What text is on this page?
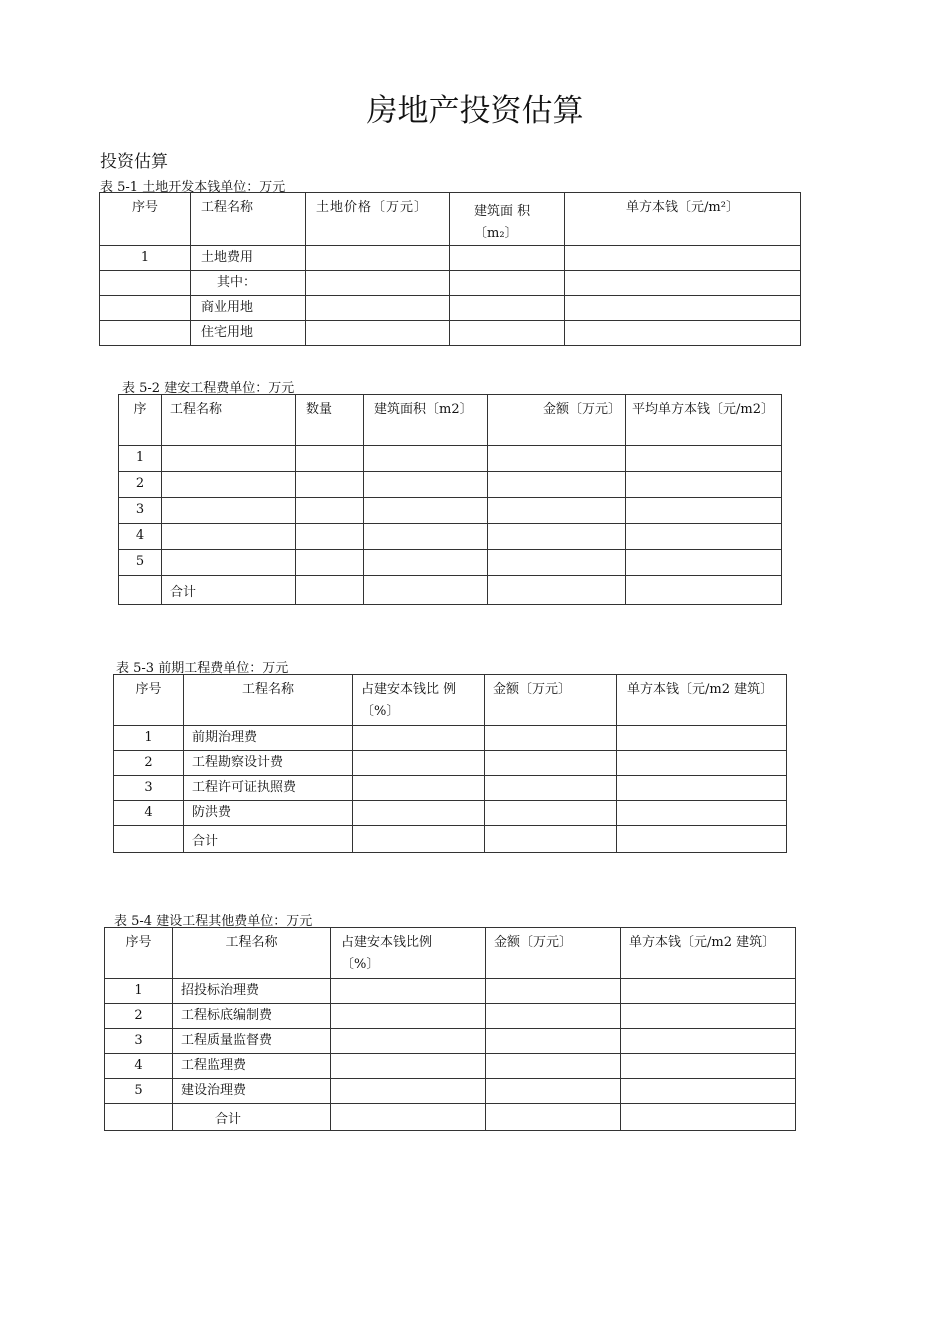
房地产投资估算
投资估算
表 5-1 土地开发本钱单位：万元
序号	工程名称	土地价格〔万元〕	建筑面 积〔m₂〕	单方本钱〔元/m²〕
1	土地费用			
	其中：			
	商业用地			
	住宅用地			
表 5-2 建安工程费单位：万元
序	工程名称	数量	建筑面积〔m2〕	金额〔万元〕	平均单方本钱〔元/m2〕
1					
2					
3					
4					
5					
	合计				
表 5-3 前期工程费单位：万元
序号	工程名称	占建安本钱比 例〔%〕	金额〔万元〕	单方本钱〔元/m2 建筑〕
1	前期治理费			
2	工程勘察设计费			
3	工程许可证执照费			
4	防洪费			
	合计			
表 5-4 建设工程其他费单位：万元
序号	工程名称	占建安本钱比例〔%〕	金额〔万元〕	单方本钱〔元/m2 建筑〕
1	招投标治理费			
2	工程标底编制费			
3	工程质量监督费			
4	工程监理费			
5	建设治理费			
	合计			
